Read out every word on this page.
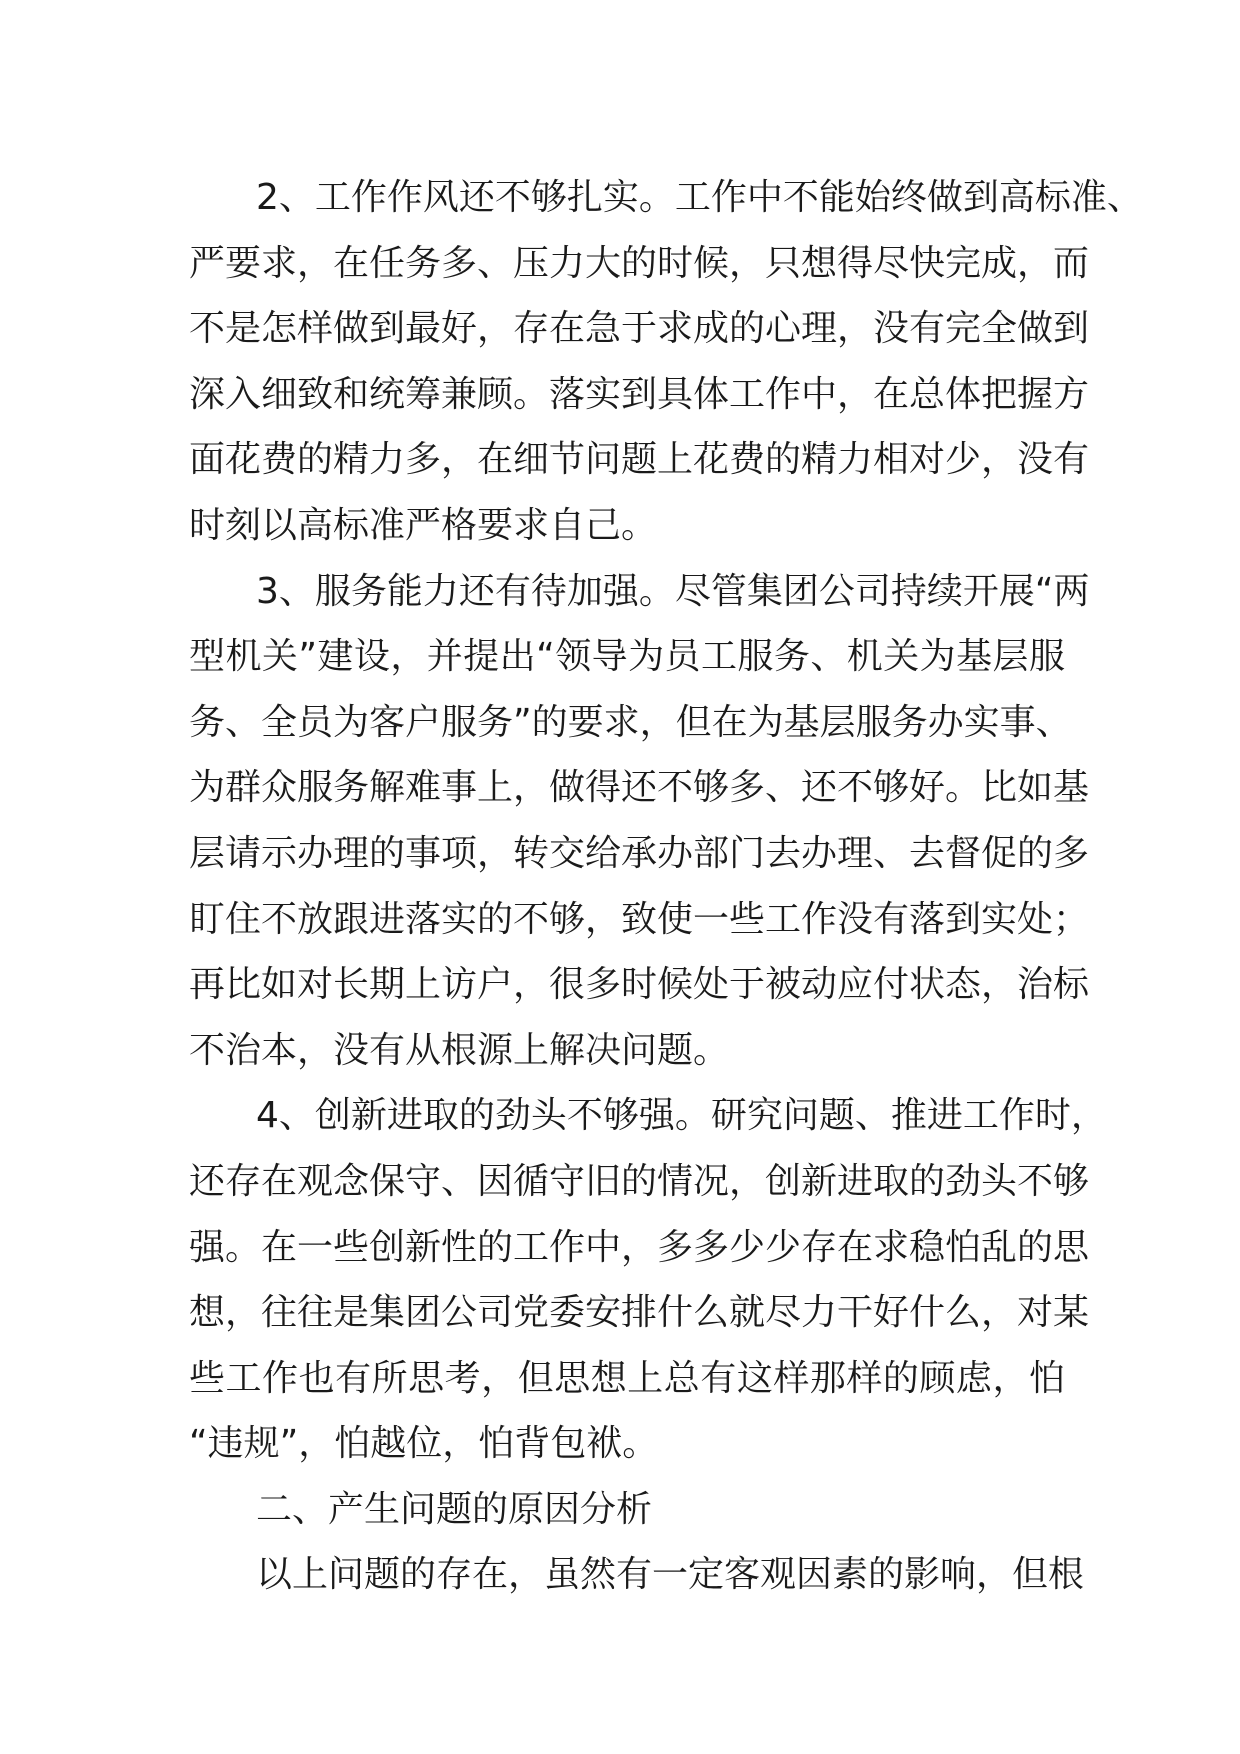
2、工作作风还不够扎实。工作中不能始终做到高标准、
严要求，在任务多、压力大的时候，只想得尽快完成，而
不是怎样做到最好，存在急于求成的心理，没有完全做到
深入细致和统筹兼顾。落实到具体工作中，在总体把握方
面花费的精力多，在细节问题上花费的精力相对少，没有
时刻以高标准严格要求自己。
3、服务能力还有待加强。尽管集团公司持续开展“两
型机关”建设，并提出“领导为员工服务、机关为基层服
务、全员为客户服务”的要求，但在为基层服务办实事、
为群众服务解难事上，做得还不够多、还不够好。比如基
层请示办理的事项，转交给承办部门去办理、去督促的多
盯住不放跟进落实的不够，致使一些工作没有落到实处；
再比如对长期上访户，很多时候处于被动应付状态，治标
不治本，没有从根源上解决问题。
4、创新进取的劲头不够强。研究问题、推进工作时，
还存在观念保守、因循守旧的情况，创新进取的劲头不够
强。在一些创新性的工作中，多多少少存在求稳怕乱的思
想，往往是集团公司党委安排什么就尽力干好什么，对某
些工作也有所思考，但思想上总有这样那样的顾虑，怕
“违规”，怕越位，怕背包袱。
二、产生问题的原因分析
以上问题的存在，虽然有一定客观因素的影响，但根
